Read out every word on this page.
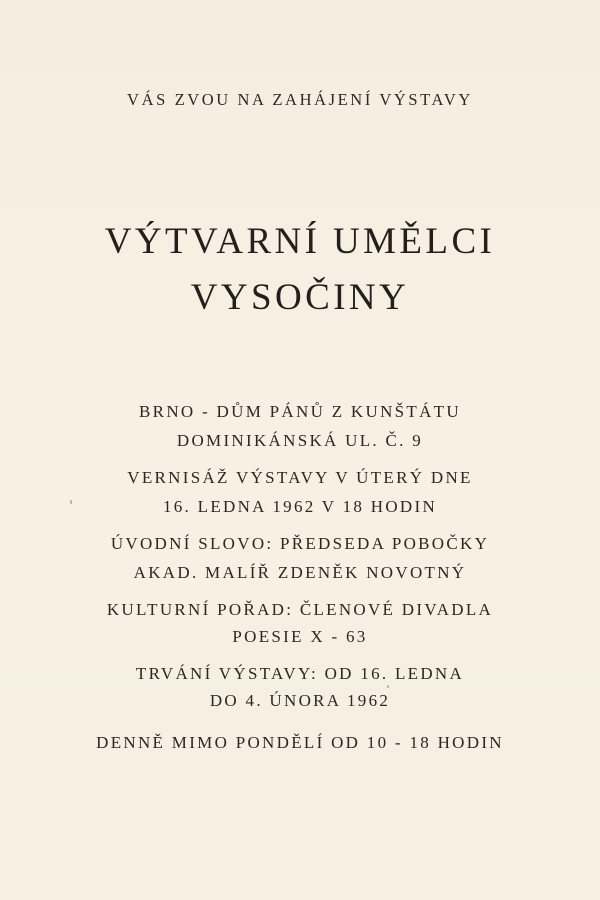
VÁS ZVOU NA ZAHÁJENÍ VÝSTAVY
VÝTVARNÍ UMĚLCI
VYSOČINY
BRNO - DŮM PÁNŮ Z KUNŠTÁTU
DOMINIKÁNSKÁ UL. Č. 9
VERNISÁŽ VÝSTAVY V ÚTERÝ DNE
16. LEDNA 1962 V 18 HODIN
ÚVODNÍ SLOVO: PŘEDSEDA POBOČKY
AKAD. MALÍŘ ZDENĚK NOVOTNÝ
KULTURNÍ POŘAD: ČLENOVÉ DIVADLA
POESIE X - 63
TRVÁNÍ VÝSTAVY: OD 16. LEDNA
DO 4. ÚNORA 1962
DENNĚ MIMO PONDĚLÍ OD 10 - 18 HODIN
